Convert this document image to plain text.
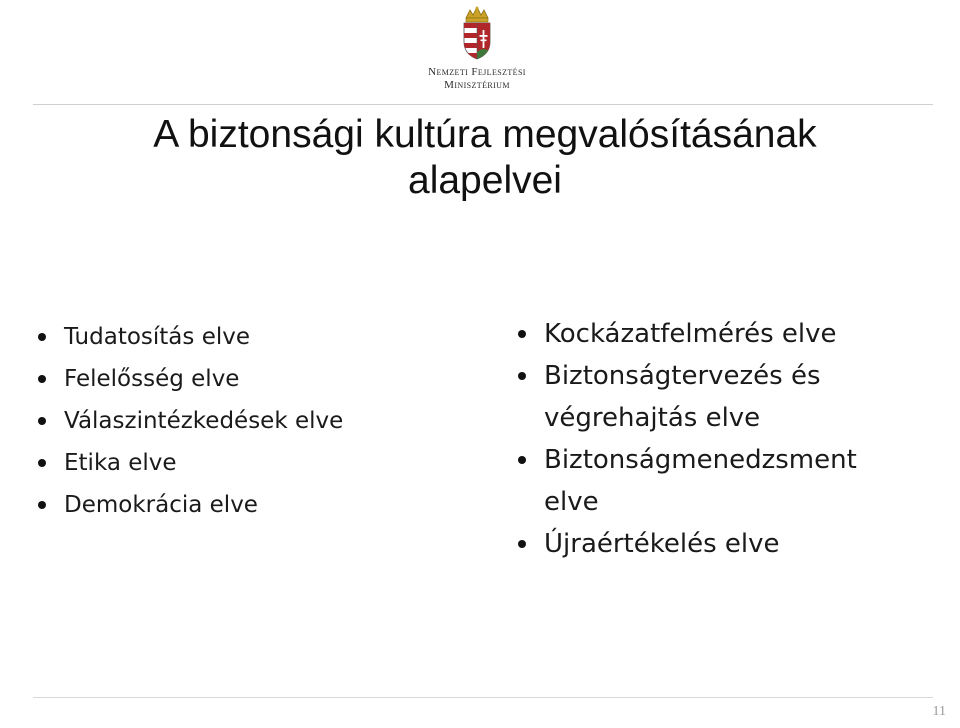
Nemzeti Fejlesztési
Minisztérium
A biztonsági kultúra megvalósításának
alapelvei
Tudatosítás elve
Felelősség elve
Válaszintézkedések elve
Etika elve
Demokrácia elve
Kockázatfelmérés elve
Biztonságtervezés és
végrehajtás elve
Biztonságmenedzsment
elve
Újraértékelés elve
11
